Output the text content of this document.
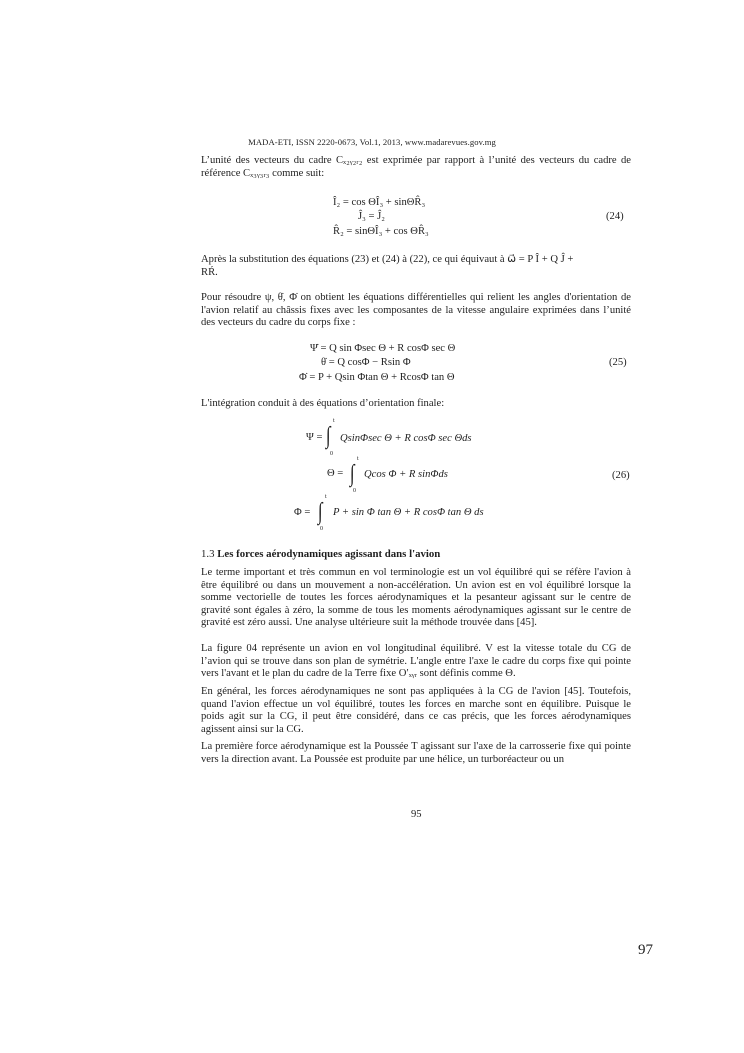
MADA-ETI, ISSN 2220-0673, Vol.1, 2013, www.madarevues.gov.mg
L’unité des vecteurs du cadre Cₓ₂ᵧ₂ᵣ₂ est exprimée par rapport à l’unité des vecteurs du cadre de référence Cₓ₃ᵧ₃ᵣ₃ comme suit:
Î₂ = cos ΘÎ₃ + sinΘR̂₃
Ĵ₃ = Ĵ₂
R̂₂ = sinΘÎ₃ + cos ΘR̂₃
(24)
Après la substitution des équations (23) et (24) à (22), ce qui équivaut à ω⃗ = P Î + Q Ĵ +
RŔ.
Pour résoudre ψ, θ̇, Φ̇ on obtient les équations différentielles qui relient les angles d'orientation de l'avion relatif au châssis fixes avec les composantes de la vitesse angulaire exprimées dans l’unité des vecteurs du cadre du corps fixe :
Ψ̇ = Q sin Φsec Θ + R cosΦ sec Θ
θ̇ = Q cosΦ − Rsin Φ
Φ̇ = P + Qsin Φtan Θ + RcosΦ tan Θ
(25)
L'intégration conduit à des équations d’orientation finale:
Ψ =
t
∫
0
QsinΦsec Θ + R cosΦ sec Θds
Θ =
t
∫
0
Qcos Φ + R sinΦds	(26)
Φ =
t
∫
0
P + sin Φ tan Θ + R cosΦ tan Θ ds
1.3 Les forces aérodynamiques agissant dans l'avion
Le terme important et très commun en vol terminologie est un vol équilibré qui se réfère l'avion à être équilibré ou dans un mouvement a non-accélération. Un avion est en vol équilibré lorsque la somme vectorielle de toutes les forces aérodynamiques et la pesanteur agissant sur le centre de gravité sont égales à zéro, la somme de tous les moments aérodynamiques agissant sur le centre de gravité est zéro aussi. Une analyse ultérieure suit la méthode trouvée dans [45].
La figure 04 représente un avion en vol longitudinal équilibré. V est la vitesse totale du CG de l’avion qui se trouve dans son plan de symétrie. L'angle entre l'axe le cadre du corps fixe qui pointe vers l'avant et le plan du cadre de la Terre fixe O′ₓᵧᵣ sont définis comme Θ.
En général, les forces aérodynamiques ne sont pas appliquées à la CG de l'avion [45]. Toutefois, quand l'avion effectue un vol équilibré, toutes les forces en marche sont en équilibre. Puisque le poids agit sur la CG, il peut être considéré, dans ce cas précis, que les forces aérodynamiques agissent ainsi sur la CG.
La première force aérodynamique est la Poussée T agissant sur l'axe de la carrosserie fixe qui pointe vers la direction avant. La Poussée est produite par une hélice, un turboréacteur ou un
95
97
